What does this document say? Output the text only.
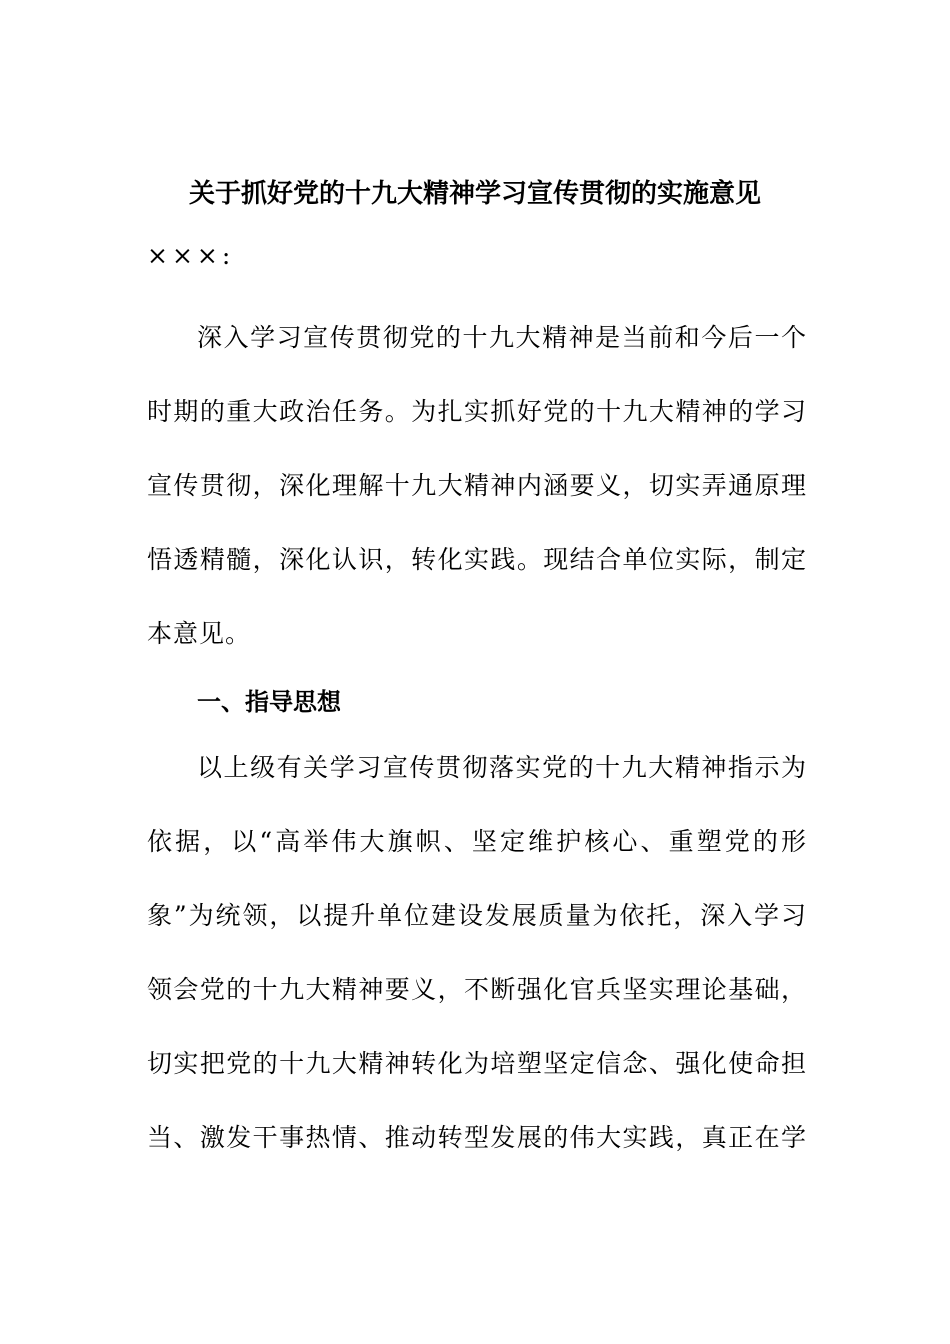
关于抓好党的十九大精神学习宣传贯彻的实施意见
×××:
深入学习宣传贯彻党的十九大精神是当前和今后一个
时期的重大政治任务。为扎实抓好党的十九大精神的学习
宣传贯彻，深化理解十九大精神内涵要义，切实弄通原理
悟透精髓，深化认识，转化实践。现结合单位实际，制定
本意见。
一、指导思想
以上级有关学习宣传贯彻落实党的十九大精神指示为
依据，以“高举伟大旗帜、坚定维护核心、重塑党的形
象”为统领，以提升单位建设发展质量为依托，深入学习
领会党的十九大精神要义，不断强化官兵坚实理论基础，
切实把党的十九大精神转化为培塑坚定信念、强化使命担
当、激发干事热情、推动转型发展的伟大实践，真正在学
